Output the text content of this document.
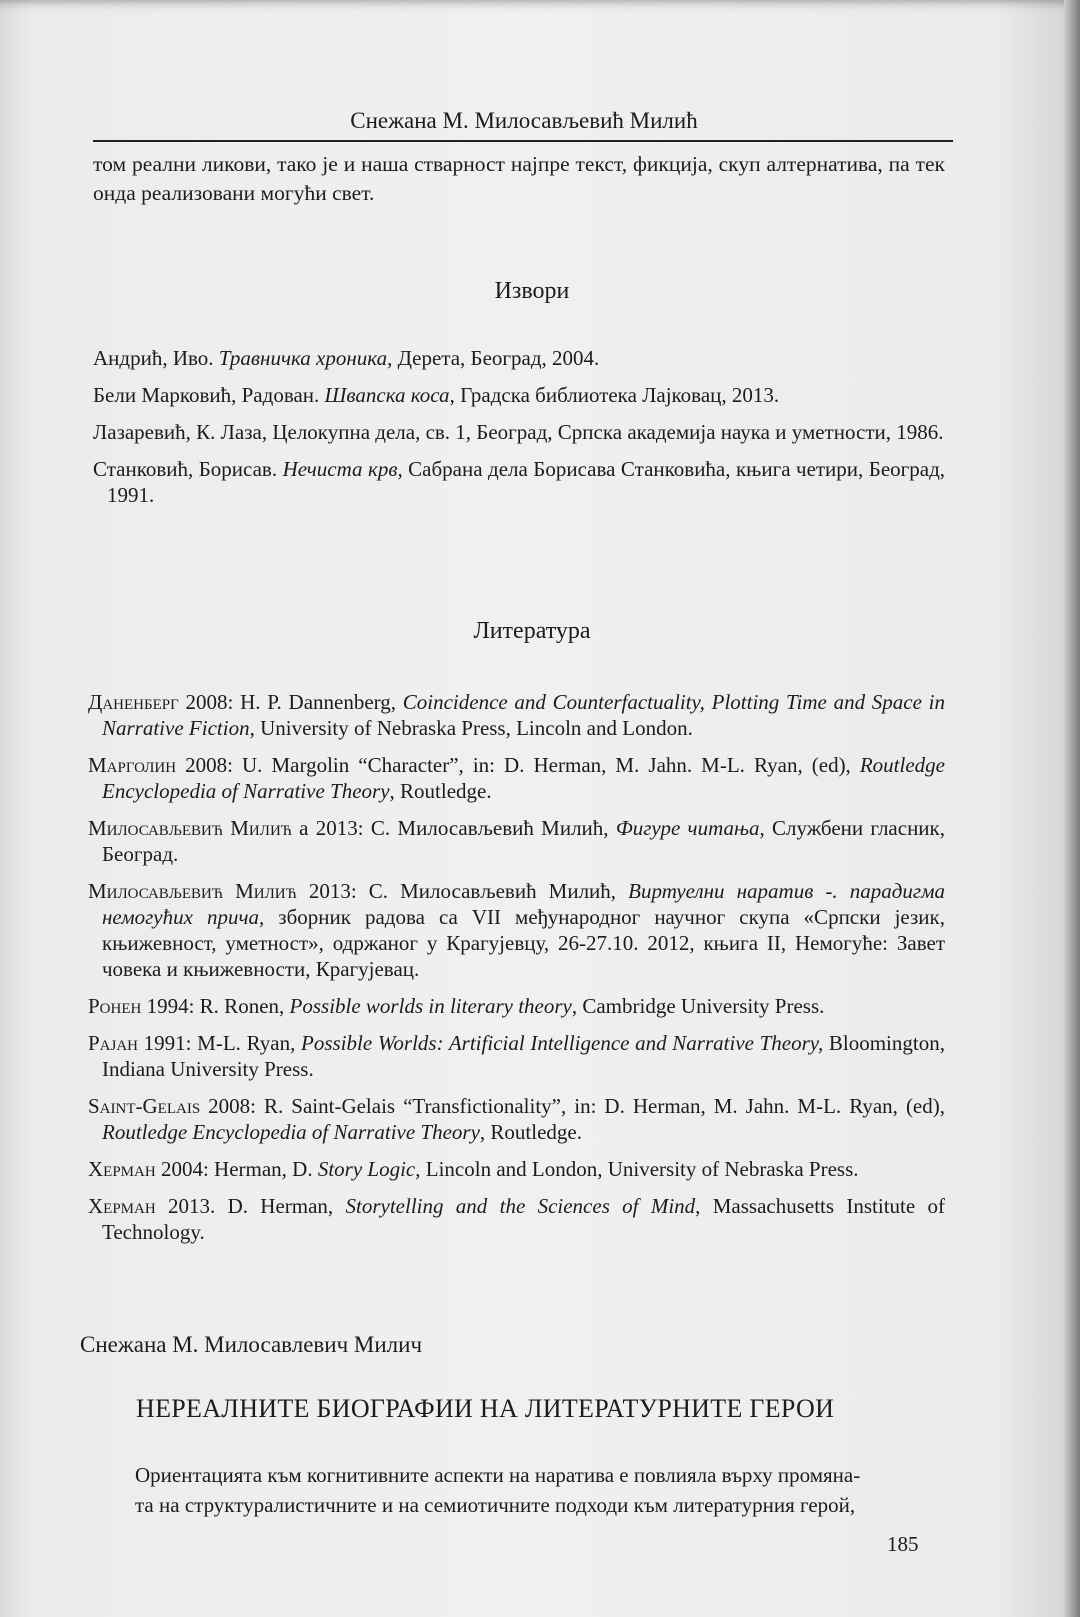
Снежана М. Милосављевић Милић
том реални ликови, тако је и наша стварност најпре текст, фикција, скуп алтернатива, па тек онда реализовани могући свет.
Извори
Андрић, Иво. Травничка хроника, Дерета, Београд, 2004.
Бели Марковић, Радован. Швапска коса, Градска библиотека Лајковац, 2013.
Лазаревић, К. Лаза, Целокупна дела, св. 1, Београд, Српска академија наука и уметности, 1986.
Станковић, Борисав. Нечиста крв, Сабрана дела Борисава Станковића, књига четири, Београд, 1991.
Литература
Даненберг 2008: H. P. Dannenberg, Coincidence and Counterfactuality, Plotting Time and Space in Narrative Fiction, University of Nebraska Press, Lincoln and London.
Марголин 2008: U. Margolin “Character”, in: D. Herman, M. Jahn. M-L. Ryan, (ed), Routledge Encyclopedia of Narrative Theory, Routledge.
Милосављевић Милић а 2013: С. Милосављевић Милић, Фигуре читања, Службени гласник, Београд.
Милосављевић Милић 2013: С. Милосављевић Милић, Виртуелни наратив -. парадигма немогућих прича, зборник радова са VII међународног научног скупа «Српски језик, књижевност, уметност», одржаног у Крагујевцу, 26-27.10. 2012, књига II, Немогуће: Завет човека и књижевности, Крагујевац.
Ронен 1994: R. Ronen, Possible worlds in literary theory, Cambridge University Press.
Рајан 1991: M-L. Ryan, Possible Worlds: Artificial Intelligence and Narrative Theory, Bloomington, Indiana University Press.
Saint-Gelais 2008: R. Saint-Gelais “Transfictionality”, in: D. Herman, M. Jahn. M-L. Ryan, (ed), Routledge Encyclopedia of Narrative Theory, Routledge.
Херман 2004: Herman, D. Story Logic, Lincoln and London, University of Nebraska Press.
Херман 2013. D. Herman, Storytelling and the Sciences of Mind, Massachusetts Institute of Technology.
Снежана М. Милосавлевич Милич
НЕРЕАЛНИТЕ БИОГРАФИИ НА ЛИТЕРАТУРНИТЕ ГЕРОИ
Ориентацията към когнитивните аспекти на наратива е повлияла върху промяна-
та на структуралистичните и на семиотичните подходи към литературния герой,
185
